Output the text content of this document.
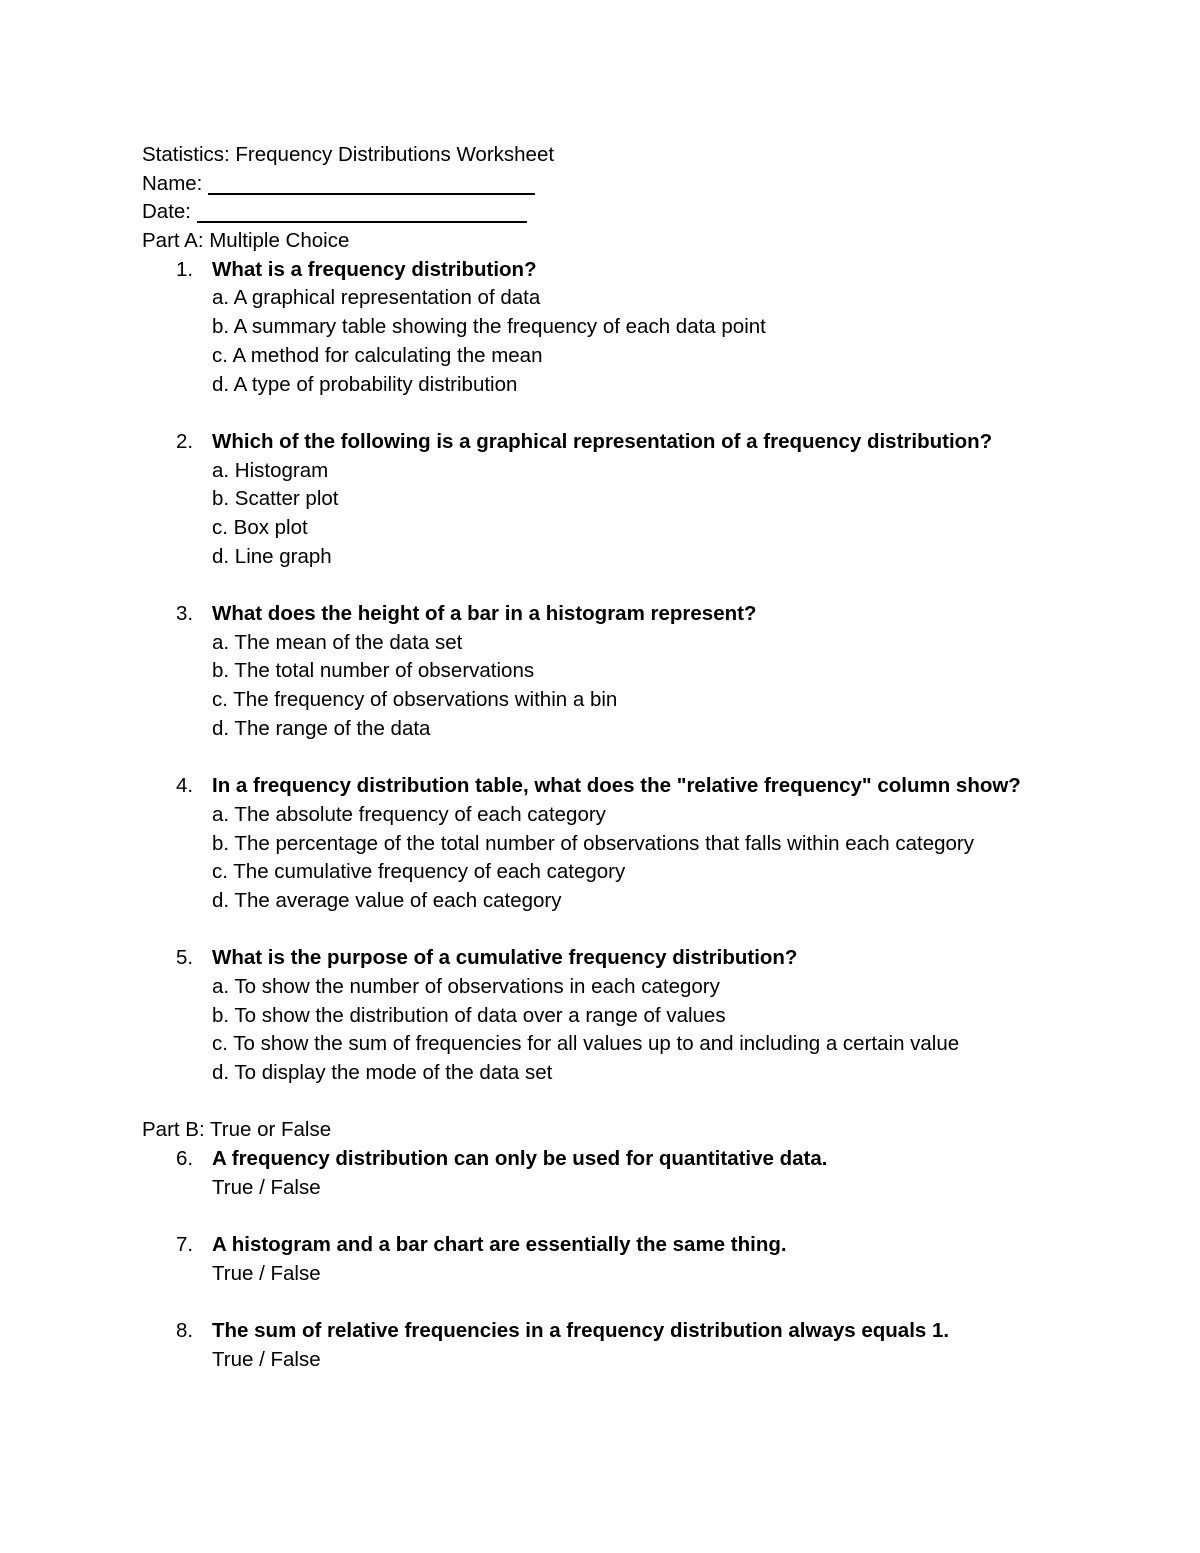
Statistics: Frequency Distributions Worksheet
Name:
Date:
Part A: Multiple Choice
1. What is a frequency distribution?
a. A graphical representation of data
b. A summary table showing the frequency of each data point
c. A method for calculating the mean
d. A type of probability distribution
2. Which of the following is a graphical representation of a frequency distribution?
a. Histogram
b. Scatter plot
c. Box plot
d. Line graph
3. What does the height of a bar in a histogram represent?
a. The mean of the data set
b. The total number of observations
c. The frequency of observations within a bin
d. The range of the data
4. In a frequency distribution table, what does the "relative frequency" column show?
a. The absolute frequency of each category
b. The percentage of the total number of observations that falls within each category
c. The cumulative frequency of each category
d. The average value of each category
5. What is the purpose of a cumulative frequency distribution?
a. To show the number of observations in each category
b. To show the distribution of data over a range of values
c. To show the sum of frequencies for all values up to and including a certain value
d. To display the mode of the data set
Part B: True or False
6. A frequency distribution can only be used for quantitative data.
True / False
7. A histogram and a bar chart are essentially the same thing.
True / False
8. The sum of relative frequencies in a frequency distribution always equals 1.
True / False
